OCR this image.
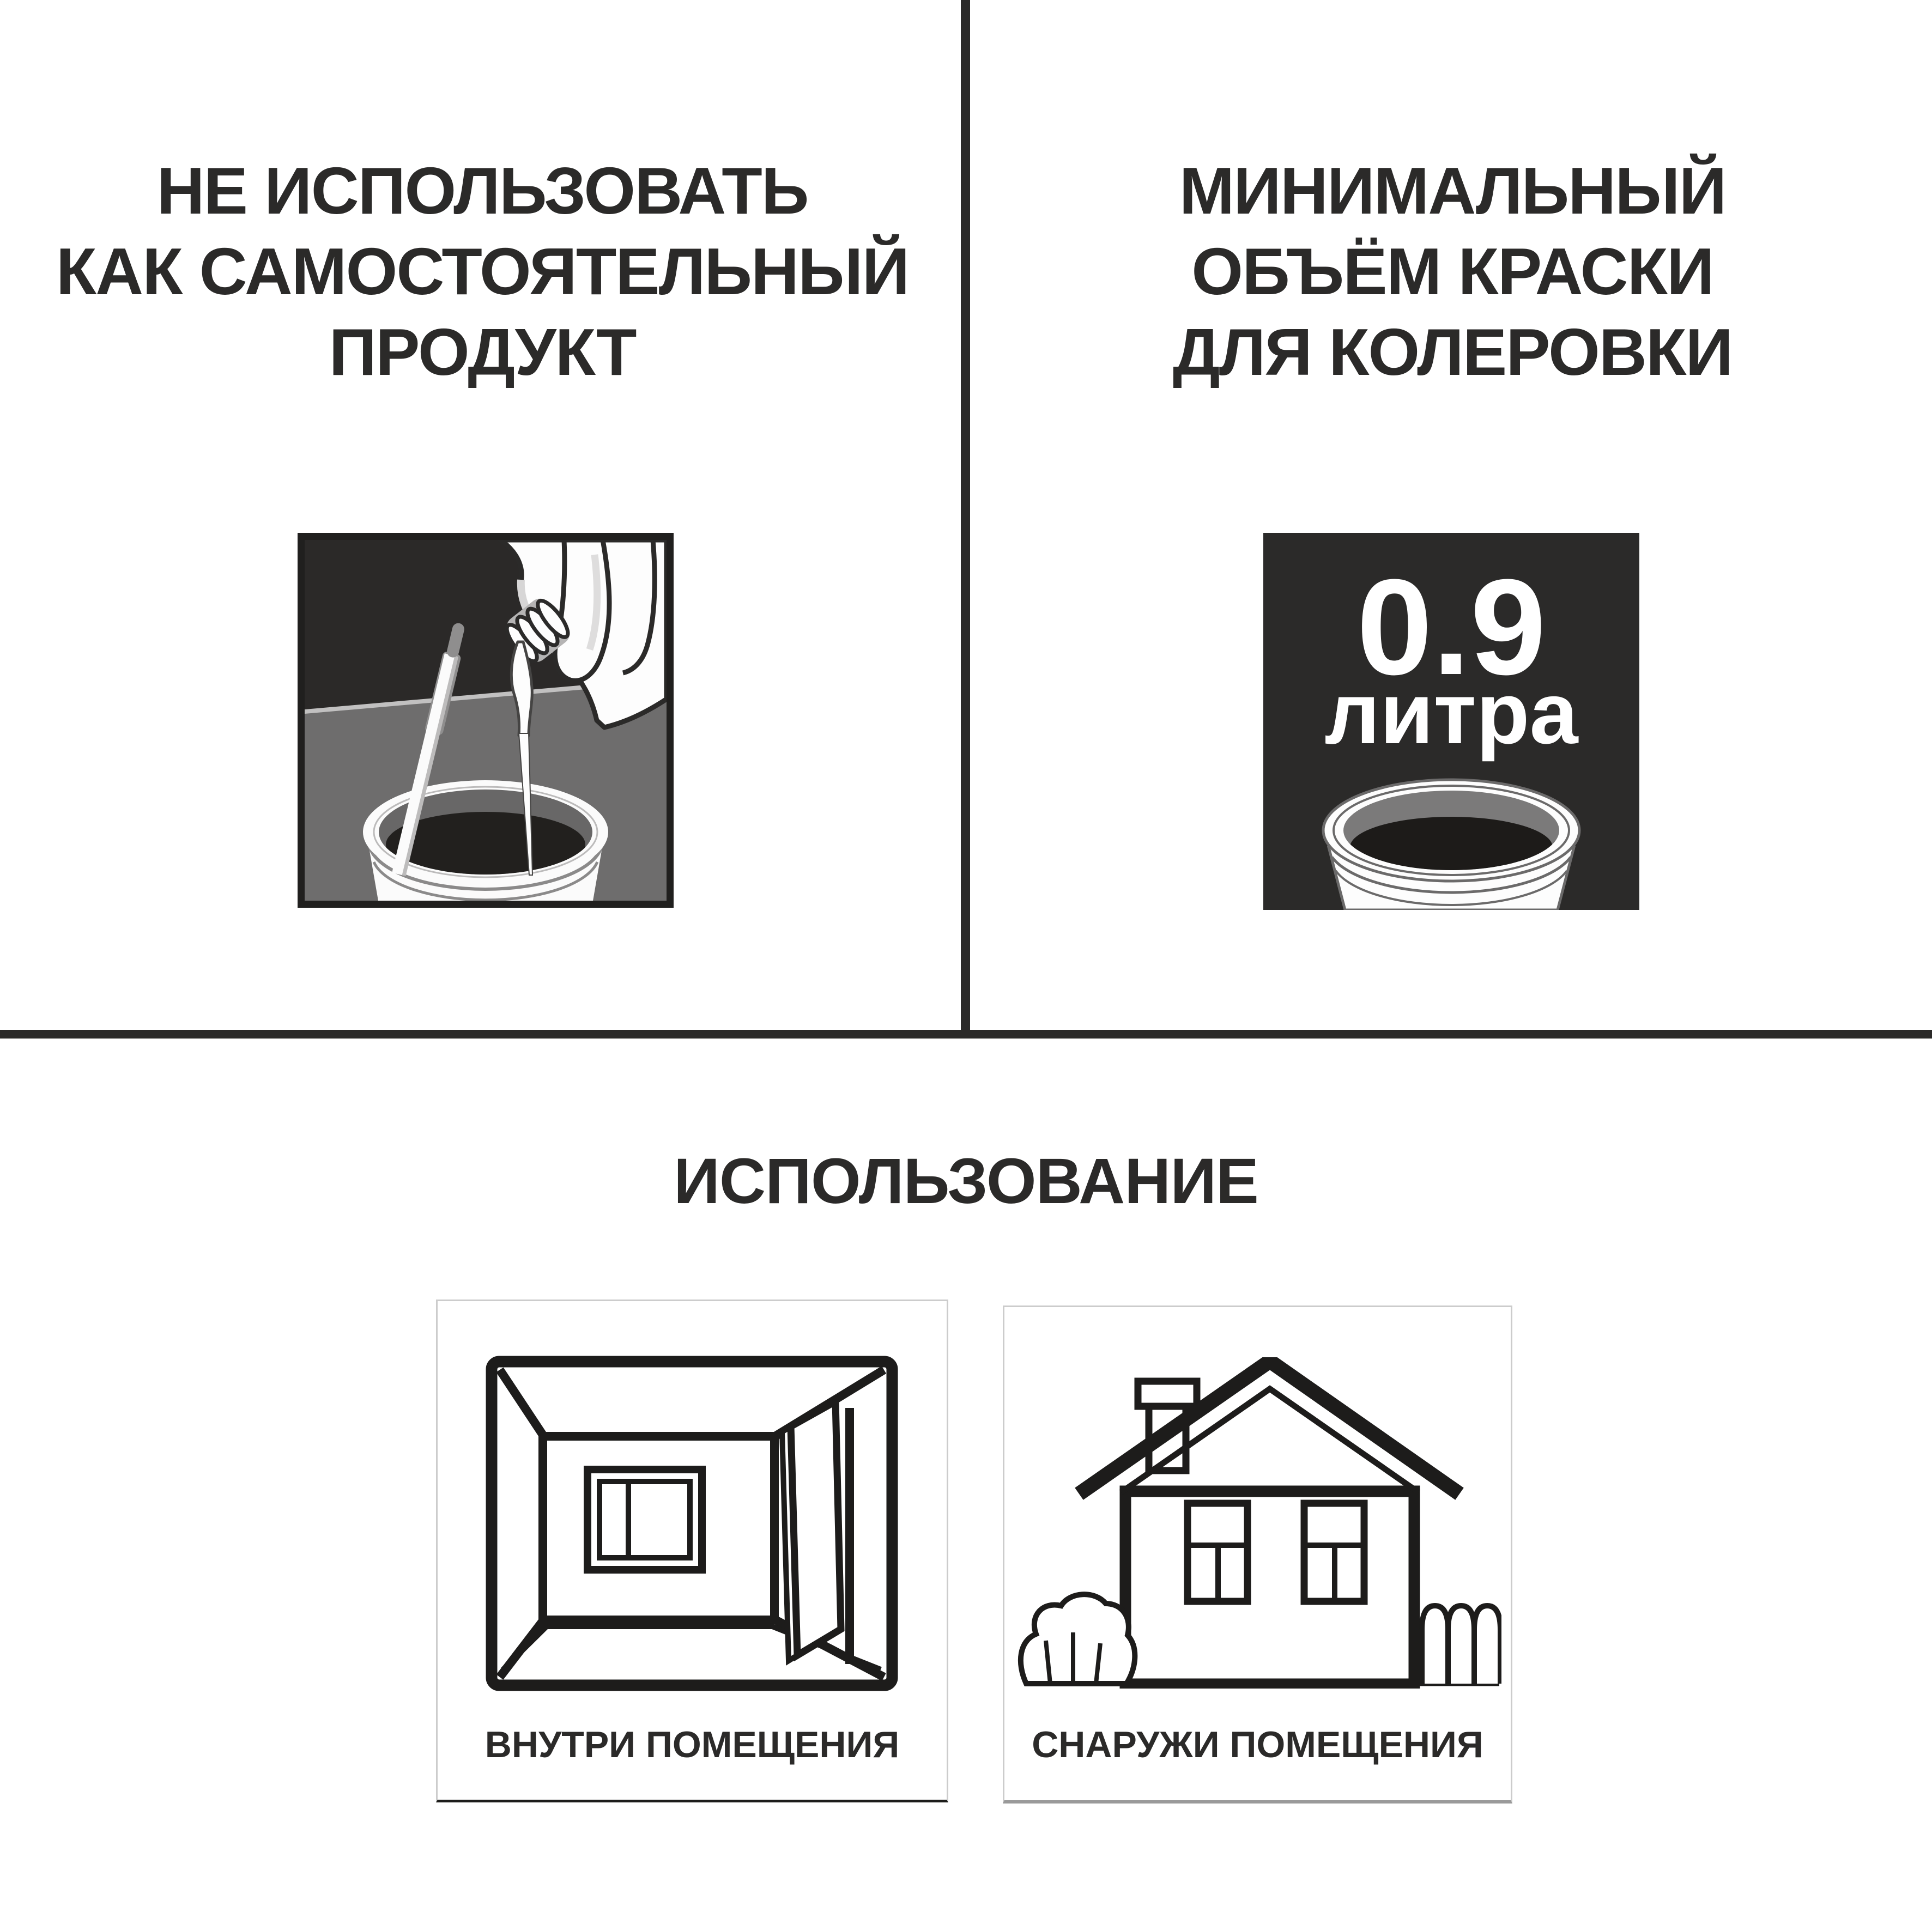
НЕ ИСПОЛЬЗОВАТЬ
КАК САМОСТОЯТЕЛЬНЫЙ
ПРОДУКТ
МИНИМАЛЬНЫЙ
ОБЪЁМ КРАСКИ
ДЛЯ КОЛЕРОВКИ
0.9
литра
ИСПОЛЬЗОВАНИЕ
ВНУТРИ ПОМЕЩЕНИЯ	СНАРУЖИ ПОМЕЩЕНИЯ
